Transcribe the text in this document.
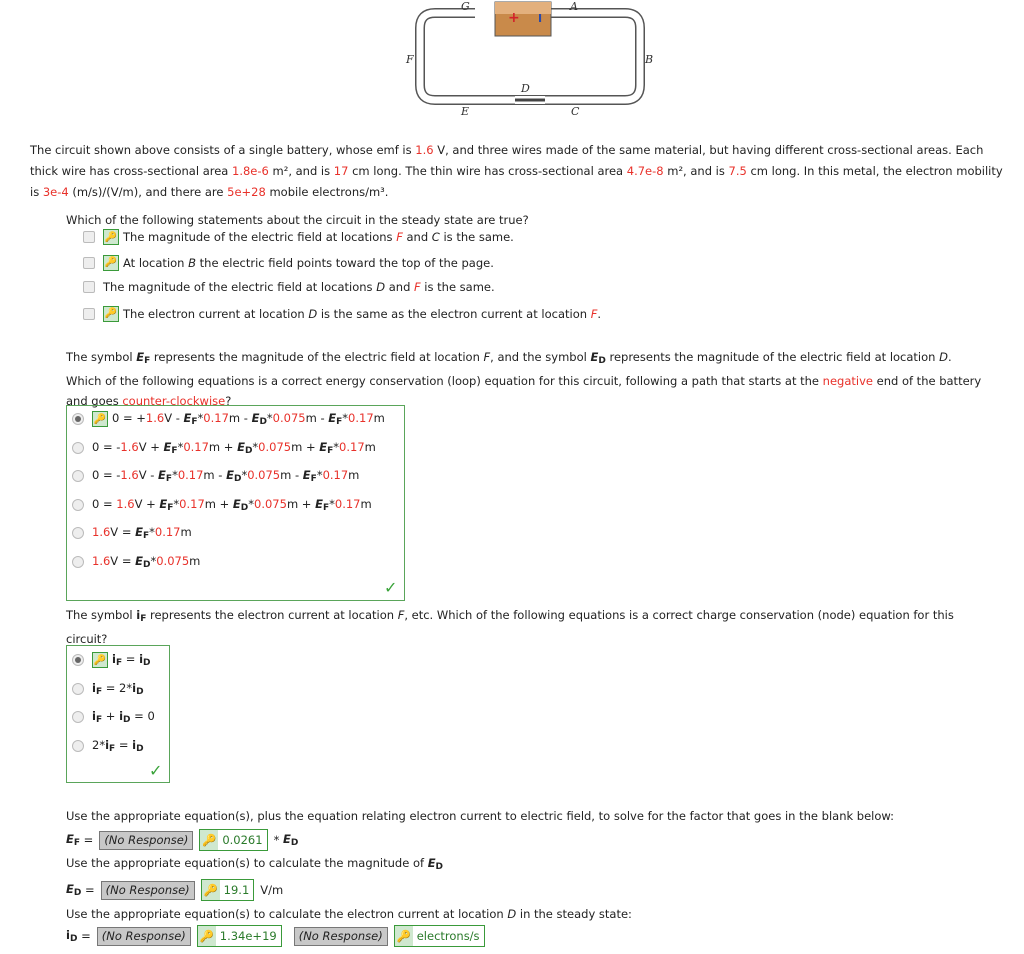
+ I
G	A
F	B
D
E	C
The circuit shown above consists of a single battery, whose emf is 1.6 V, and three wires made of the same material, but having different cross-sectional areas. Each thick wire has cross-sectional area 1.8e-6 m², and is 17 cm long. The thin wire has cross-sectional area 4.7e-8 m², and is 7.5 cm long. In this metal, the electron mobility is 3e-4 (m/s)/(V/m), and there are 5e+28 mobile electrons/m³.
Which of the following statements about the circuit in the steady state are true?
🔑 The magnitude of the electric field at locations F and C is the same.
🔑 At location B the electric field points toward the top of the page.
The magnitude of the electric field at locations D and F is the same.
🔑 The electron current at location D is the same as the electron current at location F.
The symbol $E_F$ represents the magnitude of the electric field at location F, and the symbol $E_D$ represents the magnitude of the electric field at location D. Which of the following equations is a correct energy conservation (loop) equation for this circuit, following a path that starts at the negative end of the battery and goes counter-clockwise?
🔑 $0 = +1.6V - E_F*0.17m - E_D*0.075m - E_F*0.17m$
$0 = -1.6V + E_F*0.17m + E_D*0.075m + E_F*0.17m$
$0 = -1.6V - E_F*0.17m - E_D*0.075m - E_F*0.17m$
$0 = 1.6V + E_F*0.17m + E_D*0.075m + E_F*0.17m$
$1.6V = E_F*0.17m$
$1.6V = E_D*0.075m$
✓
The symbol $i_F$ represents the electron current at location F, etc. Which of the following equations is a correct charge conservation (node) equation for this circuit?
🔑 $i_F = i_D$
$i_F = 2*i_D$
$i_F + i_D = 0$
$2*i_F = i_D$
✓
Use the appropriate equation(s), plus the equation relating electron current to electric field, to solve for the factor that goes in the blank below:
$E_F$
= (No Response)	🔑 0.0261 *
$E_D$
Use the appropriate equation(s) to calculate the magnitude of $E_D$
$E_D$
= (No Response)	🔑 19.1 V/m
Use the appropriate equation(s) to calculate the electron current at location D in the steady state:
$i_D$
= (No Response)	🔑 1.34e+19	(No Response)	🔑 electrons/s
